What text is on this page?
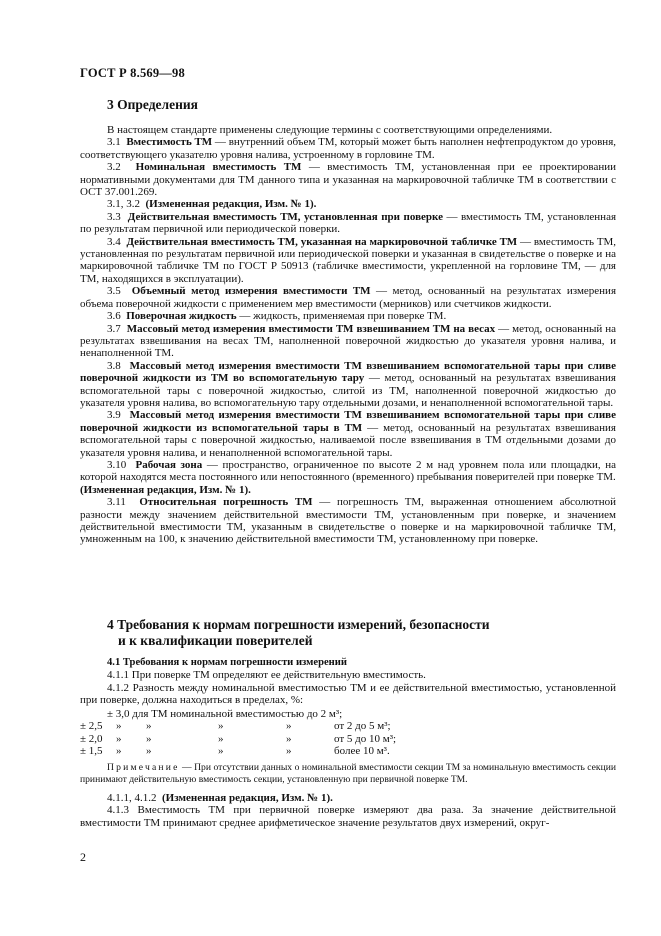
ГОСТ Р 8.569—98
3 Определения

В настоящем стандарте применены следующие термины с соответствующими определениями.

3.1 Вместимость ТМ — внутренний объем ТМ, который может быть наполнен нефтепродуктом до уровня, соответствующего указателю уровня налива, устроенному в горловине ТМ.

3.2 Номинальная вместимость ТМ — вместимость ТМ, установленная при ее проектировании нормативными документами для ТМ данного типа и указанная на маркировочной табличке ТМ в соответствии с ОСТ 37.001.269.

3.1, 3.2 (Измененная редакция, Изм. № 1).

3.3 Действительная вместимость ТМ, установленная при поверке — вместимость ТМ, установленная по результатам первичной или периодической поверки.

3.4 Действительная вместимость ТМ, указанная на маркировочной табличке ТМ — вместимость ТМ, установленная по результатам первичной или периодической поверки и указанная в свидетельстве о поверке и на маркировочной табличке ТМ по ГОСТ Р 50913 (табличке вместимости, укрепленной на горловине ТМ, — для ТМ, находящихся в эксплуатации).

3.5 Объемный метод измерения вместимости ТМ — метод, основанный на результатах измерения объема поверочной жидкости с применением мер вместимости (мерников) или счетчиков жидкости.

3.6 Поверочная жидкость — жидкость, применяемая при поверке ТМ.

3.7 Массовый метод измерения вместимости ТМ взвешиванием ТМ на весах — метод, основанный на результатах взвешивания на весах ТМ, наполненной поверочной жидкостью до указателя уровня налива, и ненаполненной ТМ.

3.8 Массовый метод измерения вместимости ТМ взвешиванием вспомогательной тары при сливе поверочной жидкости из ТМ во вспомогательную тару — метод, основанный на результатах взвешивания вспомогательной тары с поверочной жидкостью, слитой из ТМ, наполненной поверочной жидкостью до указателя уровня налива, во вспомогательную тару отдельными дозами, и ненаполненной вспомогательной тары.

3.9 Массовый метод измерения вместимости ТМ взвешиванием вспомогательной тары при сливе поверочной жидкости из вспомогательной тары в ТМ — метод, основанный на результатах взвешивания вспомогательной тары с поверочной жидкостью, наливаемой после взвешивания в ТМ отдельными дозами до указателя уровня налива, и ненаполненной вспомогательной тары.

3.10 Рабочая зона — пространство, ограниченное по высоте 2 м над уровнем пола или площадки, на которой находятся места постоянного или непостоянного (временного) пребывания поверителей при поверке ТМ.

(Измененная редакция, Изм. № 1).

3.11 Относительная погрешность ТМ — погрешность ТМ, выраженная отношением абсолютной разности между значением действительной вместимости ТМ, установленным при поверке, и значением действительной вместимости ТМ, указанным в свидетельстве о поверке и на маркировочной табличке ТМ, умноженным на 100, к значению действительной вместимости ТМ, установленному при поверке.

4 Требования к нормам погрешности измерений, безопасности
и к квалификации поверителей

4.1 Требования к нормам погрешности измерений

4.1.1 При поверке ТМ определяют ее действительную вместимость.

4.1.2 Разность между номинальной вместимостью ТМ и ее действительной вместимостью, установленной при поверке, должна находиться в пределах, %:

± 3,0 для ТМ номинальной вместимостью до 2 м³;

± 2,5 » »	»	»	от 2 до 5 м³;
± 2,0 » »	»	»	от 5 до 10 м³;
± 1,5 » »	»	»	более 10 м³.

Примечание — При отсутствии данных о номинальной вместимости секции ТМ за номинальную вместимость секции принимают действительную вместимость секции, установленную при первичной поверке ТМ.

4.1.1, 4.1.2 (Измененная редакция, Изм. № 1).

4.1.3 Вместимость ТМ при первичной поверке измеряют два раза. За значение действительной вместимости ТМ принимают среднее арифметическое значение результатов двух измерений, округ-

2
